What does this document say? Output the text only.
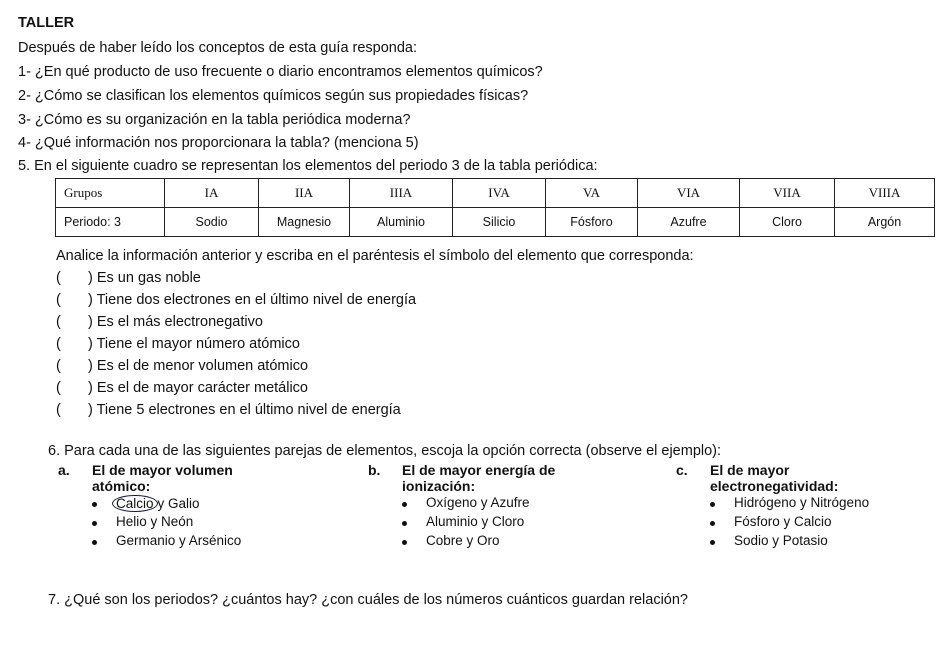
TALLER
Después de haber leído los conceptos de esta guía responda:
1- ¿En qué producto de uso frecuente o diario encontramos elementos químicos?
2- ¿Cómo se clasifican los elementos químicos según sus propiedades físicas?
3- ¿Cómo es su organización en la tabla periódica moderna?
4- ¿Qué información nos proporcionara la tabla? (menciona 5)
5. En el siguiente cuadro se representan los elementos del periodo 3 de la tabla periódica:
Grupos	IA	IIA	IIIA	IVA	VA	VIA	VIIA	VIIIA
Periodo: 3	Sodio	Magnesio	Aluminio	Silicio	Fósforo	Azufre	Cloro	Argón
Analice la información anterior y escriba en el paréntesis el símbolo del elemento que corresponda:
( ) Es un gas noble
( ) Tiene dos electrones en el último nivel de energía
( ) Es el más electronegativo
( ) Tiene el mayor número atómico
( ) Es el de menor volumen atómico
( ) Es el de mayor carácter metálico
( ) Tiene 5 electrones en el último nivel de energía
6. Para cada una de las siguientes parejas de elementos, escoja la opción correcta (observe el ejemplo):
a. El de mayor volumen
atómico:
Calcio y Galio
Helio y Neón
Germanio y Arsénico
b. El de mayor energía de
ionización:
Oxígeno y Azufre
Aluminio y Cloro
Cobre y Oro
c. El de mayor
electronegatividad:
Hidrógeno y Nitrógeno
Fósforo y Calcio
Sodio y Potasio
7. ¿Qué son los periodos? ¿cuántos hay? ¿con cuáles de los números cuánticos guardan relación?
